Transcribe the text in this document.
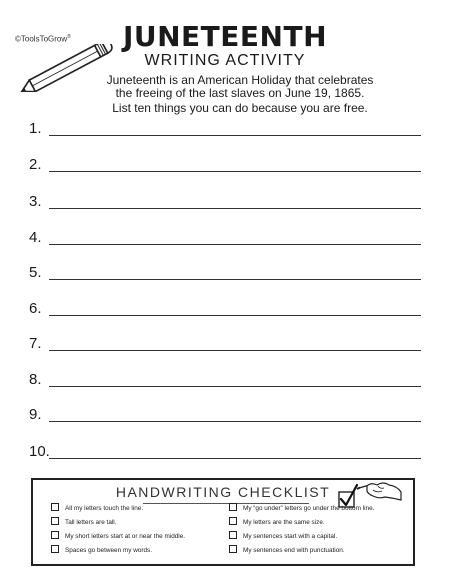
©ToolsToGrow®	JUNETEENTH
WRITING ACTIVITY
Juneteenth is an American Holiday that celebrates
the freeing of the last slaves on June 19, 1865.
List ten things you can do because you are free.
1.
2.
3.
4.
5.
6.
7.
8.
9.
10.
HANDWRITING CHECKLIST
All my letters touch the line.
Tall letters are tall.
My short letters start at or near the middle.
Spaces go between my words.
My “go under” letters go under the bottom line.
My letters are the same size.
My sentences start with a capital.
My sentences end with punctuation.
